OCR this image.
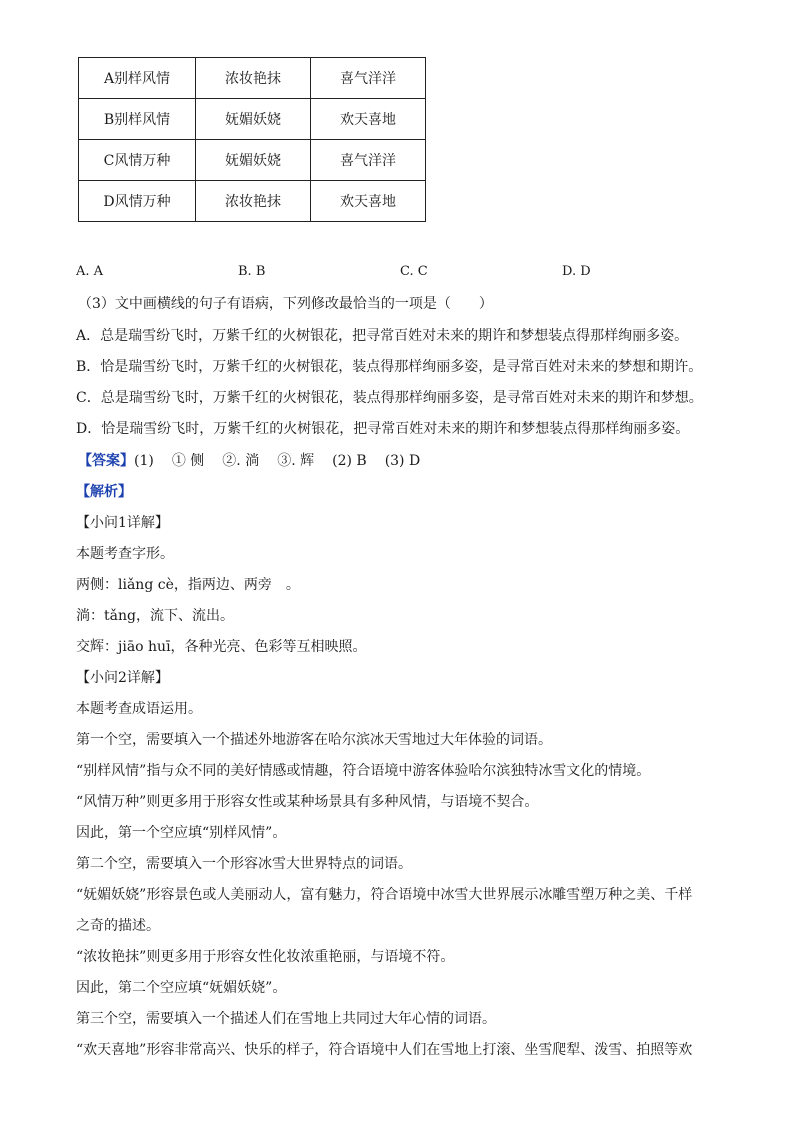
A别样风情	浓妆艳抹	喜气洋洋
B别样风情	妩媚妖娆	欢天喜地
C风情万种	妩媚妖娆	喜气洋洋
D风情万种	浓妆艳抹	欢天喜地
A. A	B. B	C. C	D. D
（3）文中画横线的句子有语病，下列修改最恰当的一项是（　　）
A．总是瑞雪纷飞时，万紫千红的火树银花，把寻常百姓对未来的期许和梦想装点得那样绚丽多姿。
B．恰是瑞雪纷飞时，万紫千红的火树银花，装点得那样绚丽多姿，是寻常百姓对未来的梦想和期许。
C．总是瑞雪纷飞时，万紫千红的火树银花，装点得那样绚丽多姿，是寻常百姓对未来的期许和梦想。
D．恰是瑞雪纷飞时，万紫千红的火树银花，把寻常百姓对未来的期许和梦想装点得那样绚丽多姿。
【答案】(1) ① 侧 ②. 淌 ③. 辉 (2) B (3) D
【解析】
【小问1详解】
本题考查字形。
两侧：liǎng cè，指两边、两旁　。
淌：tǎng，流下、流出。
交辉：jiāo huī，各种光亮、色彩等互相映照。
【小问2详解】
本题考查成语运用。
第一个空，需要填入一个描述外地游客在哈尔滨冰天雪地过大年体验的词语。
“别样风情”指与众不同的美好情感或情趣，符合语境中游客体验哈尔滨独特冰雪文化的情境。
“风情万种”则更多用于形容女性或某种场景具有多种风情，与语境不契合。
因此，第一个空应填“别样风情”。
第二个空，需要填入一个形容冰雪大世界特点的词语。
“妩媚妖娆”形容景色或人美丽动人，富有魅力，符合语境中冰雪大世界展示冰雕雪塑万种之美、千样
之奇的描述。
“浓妆艳抹”则更多用于形容女性化妆浓重艳丽，与语境不符。
因此，第二个空应填“妩媚妖娆”。
第三个空，需要填入一个描述人们在雪地上共同过大年心情的词语。
“欢天喜地”形容非常高兴、快乐的样子，符合语境中人们在雪地上打滚、坐雪爬犁、泼雪、拍照等欢
